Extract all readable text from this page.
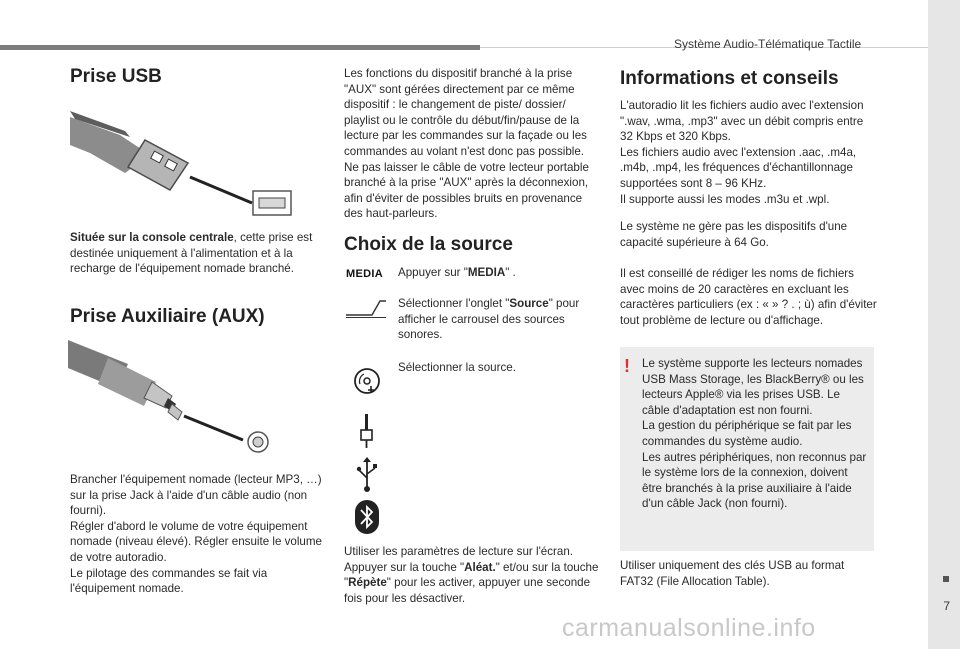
Système Audio-Télématique Tactile
7
carmanualsonline.info
Prise USB

Située sur la console centrale, cette prise est destinée uniquement à l'alimentation et à la recharge de l'équipement nomade branché.

Prise Auxiliaire (AUX)
Brancher l'équipement nomade (lecteur MP3, …) sur la prise Jack à l'aide d'un câble audio (non fourni).
Régler d'abord le volume de votre équipement nomade (niveau élevé). Régler ensuite le volume de votre autoradio.
Le pilotage des commandes se fait via l'équipement nomade.

Les fonctions du dispositif branché à la prise "AUX" sont gérées directement par ce même dispositif : le changement de piste/ dossier/ playlist ou le contrôle du début/fin/pause de la lecture par les commandes sur la façade ou les commandes au volant n'est donc pas possible. Ne pas laisser le câble de votre lecteur portable branché à la prise "AUX" après la déconnexion, afin d'éviter de possibles bruits en provenance des haut-parleurs.

Choix de la source
MEDIA Appuyer sur "MEDIA" .

Sélectionner l'onglet "Source" pour afficher le carrousel des sources sonores.

Sélectionner la source.

Utiliser les paramètres de lecture sur l'écran. Appuyer sur la touche "Aléat." et/ou sur la touche "Répète" pour les activer, appuyer une seconde fois pour les désactiver.

Informations et conseils
L'autoradio lit les fichiers audio avec l'extension ".wav, .wma, .mp3" avec un débit compris entre 32 Kbps et 320 Kbps.
Les fichiers audio avec l'extension .aac, .m4a, .m4b, .mp4, les fréquences d'échantillonnage supportées sont 8 – 96 KHz.
Il supporte aussi les modes .m3u et .wpl.

Le système ne gère pas les dispositifs d'une capacité supérieure à 64 Go.

Il est conseillé de rédiger les noms de fichiers avec moins de 20 caractères en excluant les caractères particuliers (ex : « » ? . ; ù) afin d'éviter tout problème de lecture ou d'affichage.

! Le système supporte les lecteurs nomades USB Mass Storage, les BlackBerry® ou les lecteurs Apple® via les prises USB. Le câble d'adaptation est non fourni.
La gestion du périphérique se fait par les commandes du système audio.
Les autres périphériques, non reconnus par le système lors de la connexion, doivent être branchés à la prise auxiliaire à l'aide d'un câble Jack (non fourni).

Utiliser uniquement des clés USB au format FAT32 (File Allocation Table).
